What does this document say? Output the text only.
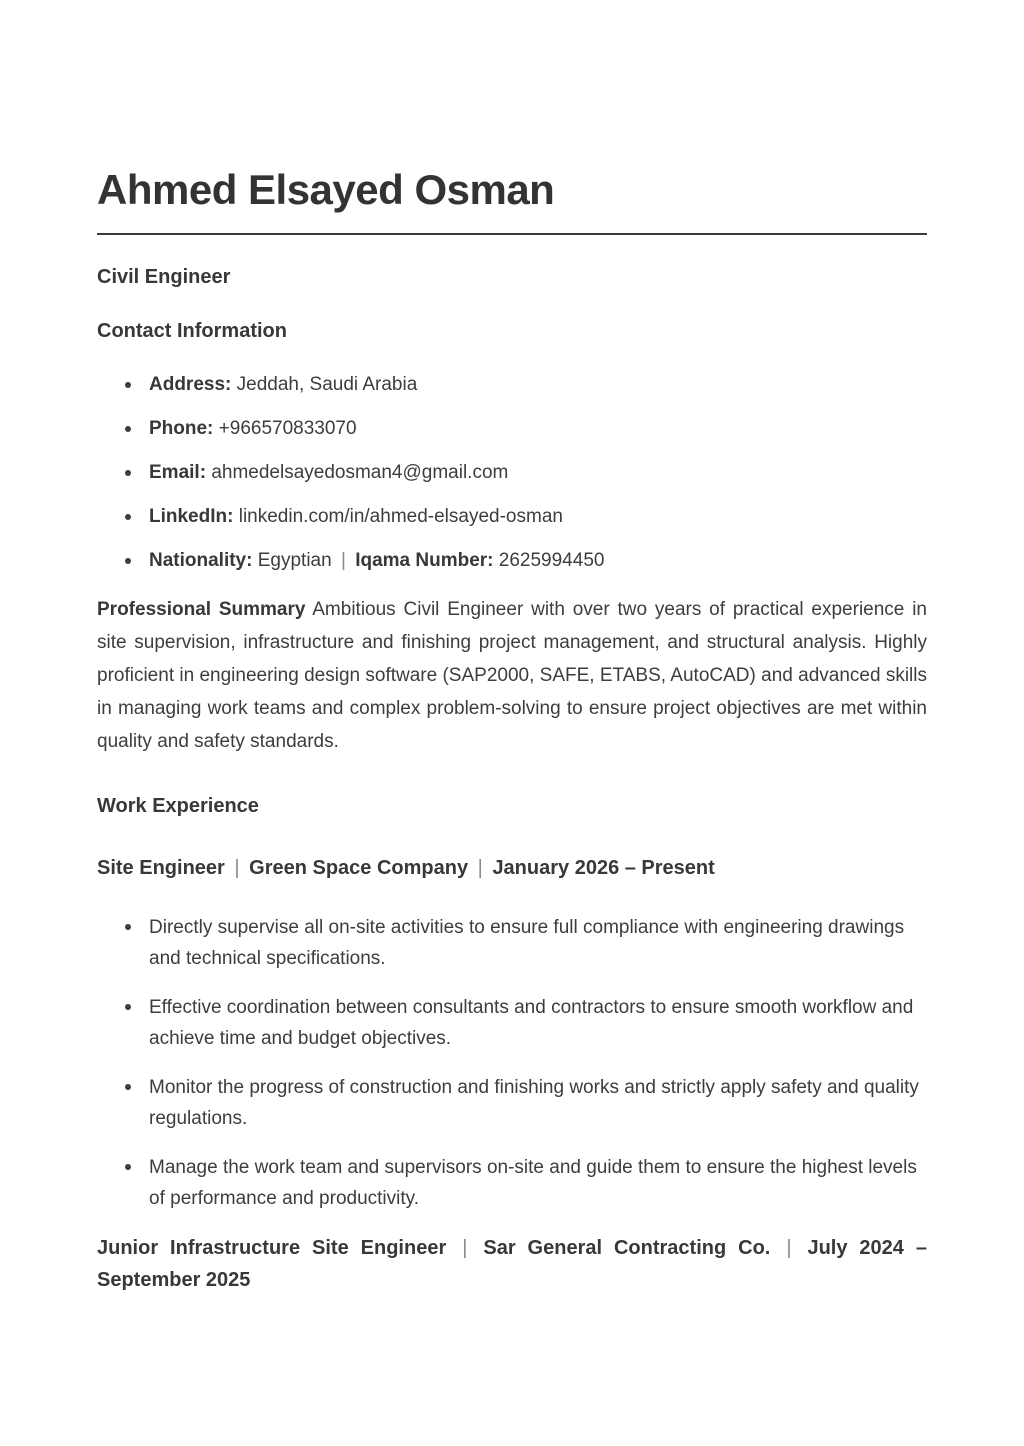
Ahmed Elsayed Osman
Civil Engineer
Contact Information
Address: Jeddah, Saudi Arabia
Phone: +966570833070
Email: ahmedelsayedosman4@gmail.com
LinkedIn: linkedin.com/in/ahmed-elsayed-osman
Nationality: Egyptian | Iqama Number: 2625994450

Professional Summary Ambitious Civil Engineer with over two years of practical experience in site supervision, infrastructure and finishing project management, and structural analysis. Highly proficient in engineering design software (SAP2000, SAFE, ETABS, AutoCAD) and advanced skills in managing work teams and complex problem-solving to ensure project objectives are met within quality and safety standards.

Work Experience
Site Engineer | Green Space Company | January 2026 – Present
Directly supervise all on-site activities to ensure full compliance with engineering drawings and technical specifications.
Effective coordination between consultants and contractors to ensure smooth workflow and achieve time and budget objectives.
Monitor the progress of construction and finishing works and strictly apply safety and quality regulations.
Manage the work team and supervisors on-site and guide them to ensure the highest levels of performance and productivity.
Junior Infrastructure Site Engineer | Sar General Contracting Co. | July 2024 – September 2025
